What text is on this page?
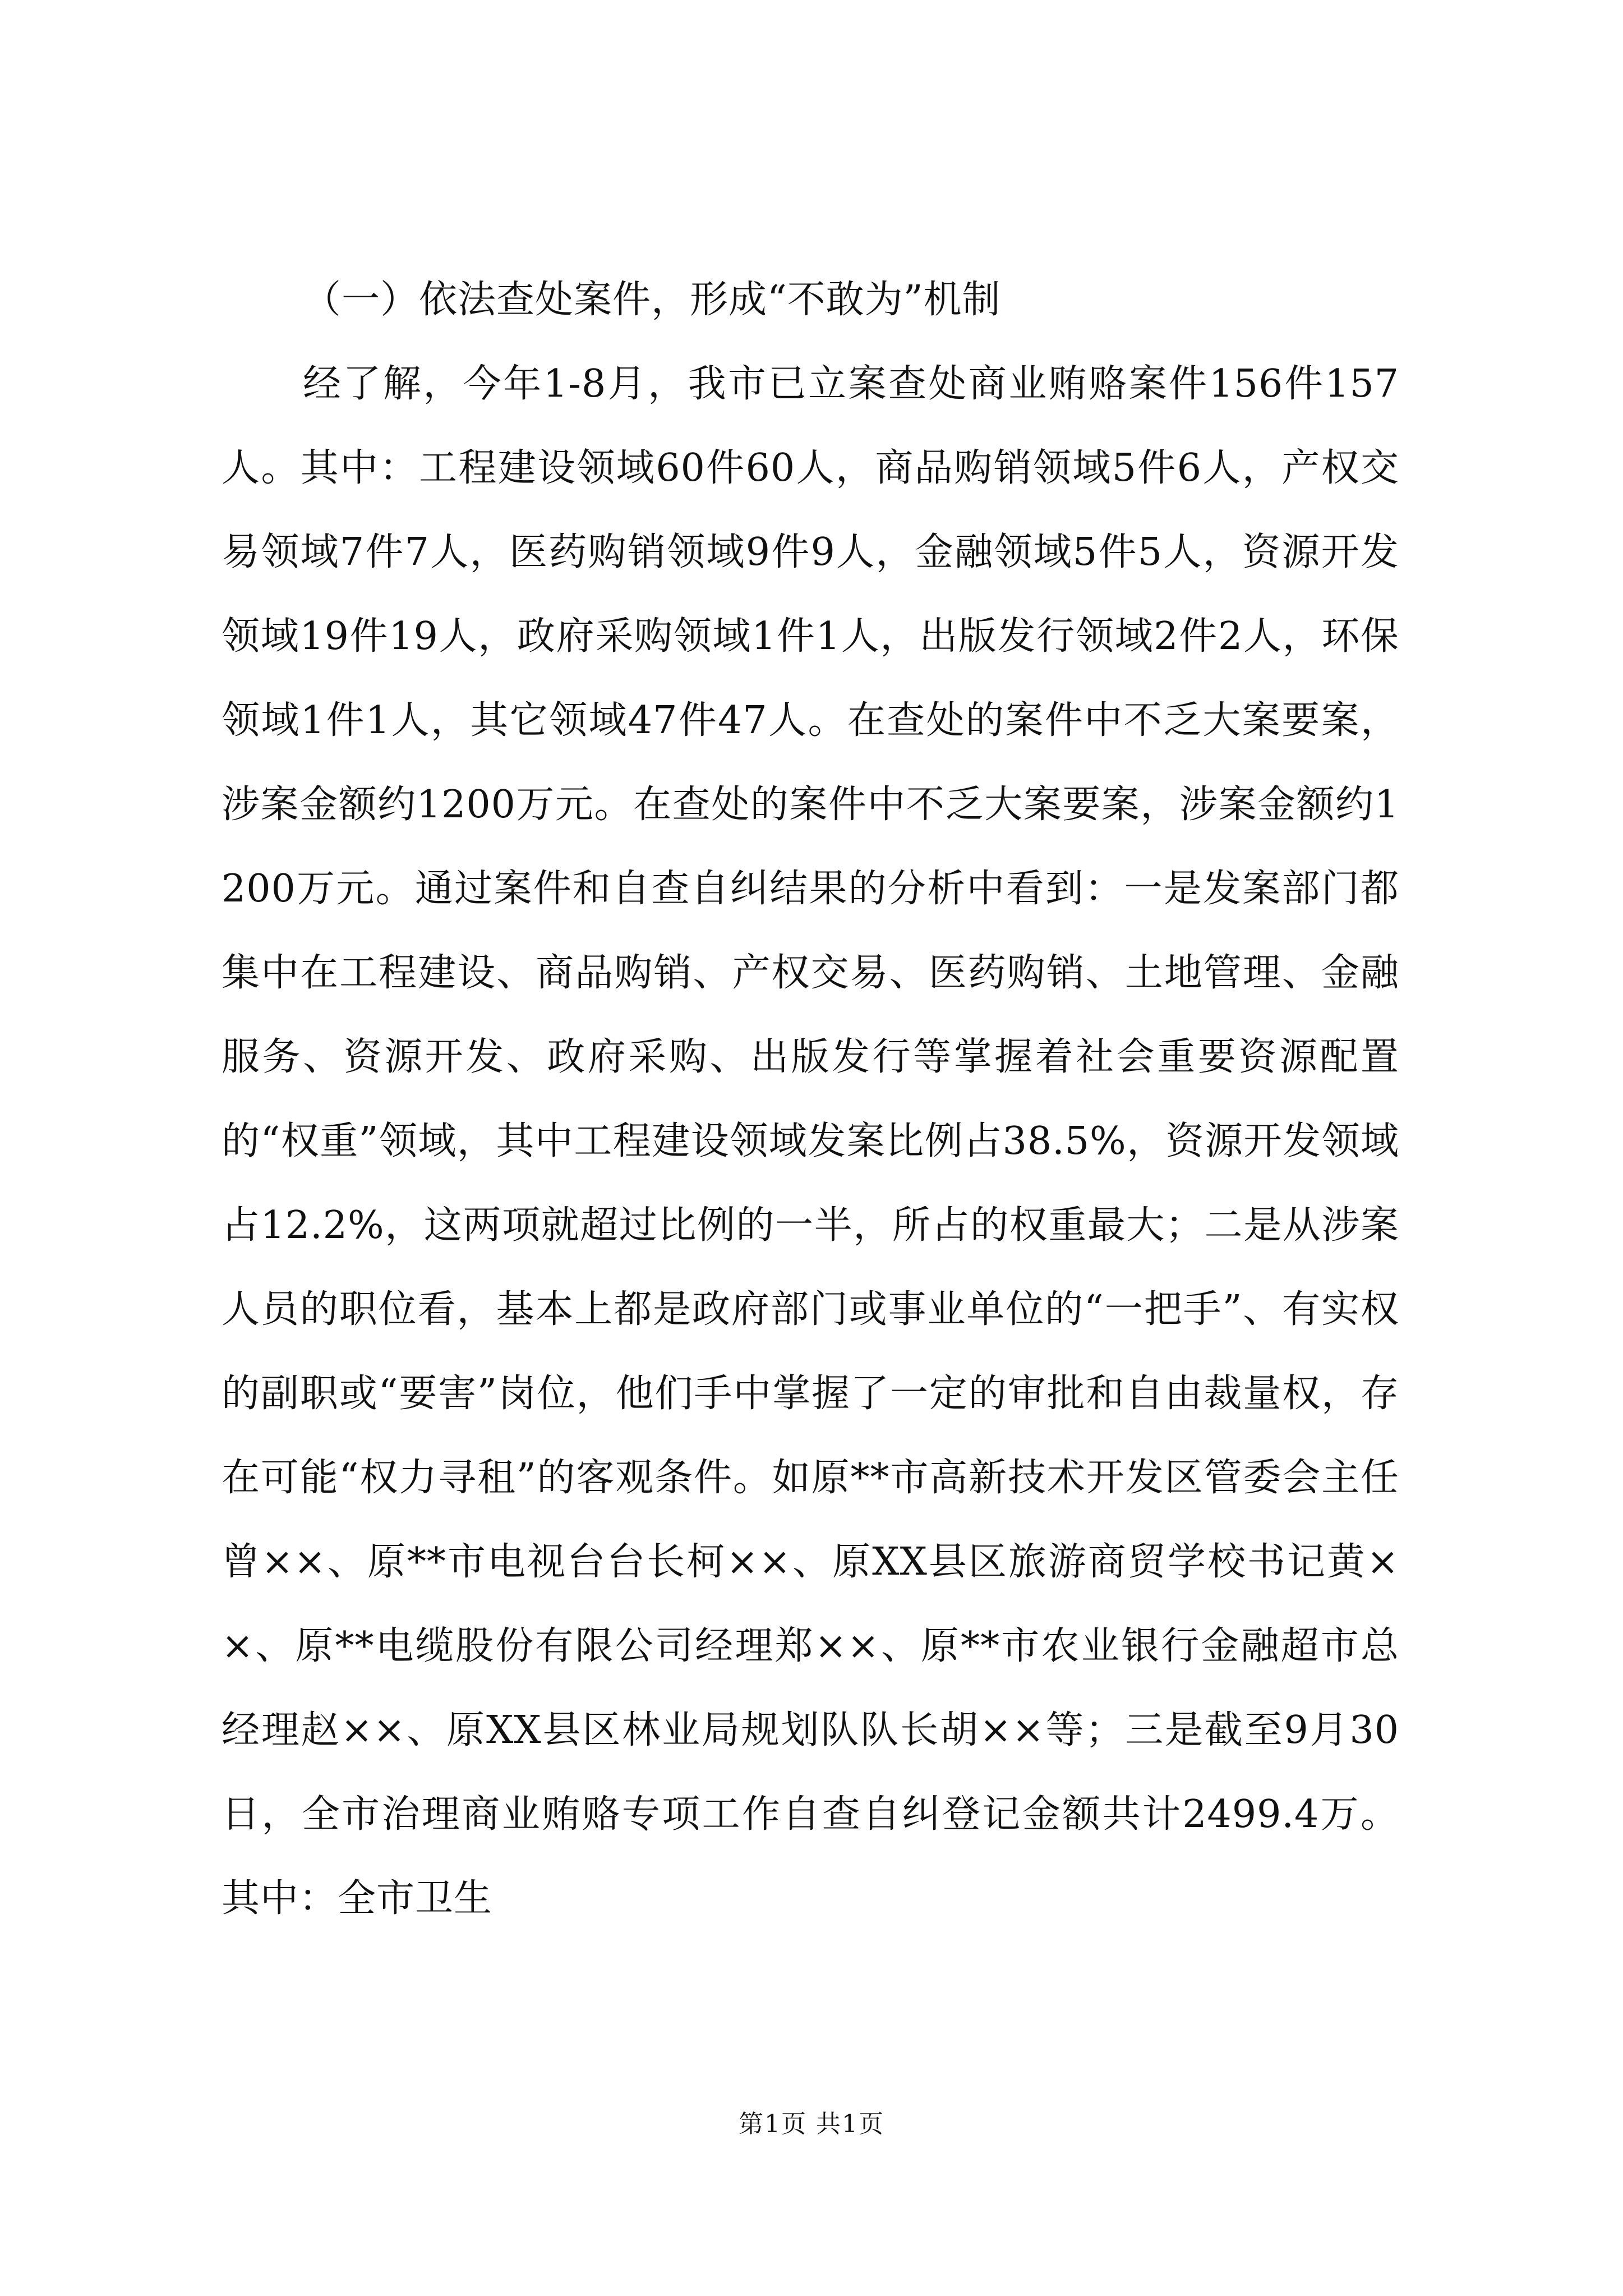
（一）依法查处案件，形成“不敢为”机制

经了解，今年1-8月，我市已立案查处商业贿赂案件156件157人。其中：工程建设领域60件60人，商品购销领域5件6人，产权交易领域7件7人，医药购销领域9件9人，金融领域5件5人，资源开发领域19件19人，政府采购领域1件1人，出版发行领域2件2人，环保领域1件1人，其它领域47件47人。在查处的案件中不乏大案要案，涉案金额约1200万元。在查处的案件中不乏大案要案，涉案金额约1200万元。通过案件和自查自纠结果的分析中看到：一是发案部门都集中在工程建设、商品购销、产权交易、医药购销、土地管理、金融服务、资源开发、政府采购、出版发行等掌握着社会重要资源配置的“权重”领域，其中工程建设领域发案比例占38.5%，资源开发领域占12.2%，这两项就超过比例的一半，所占的权重最大；二是从涉案人员的职位看，基本上都是政府部门或事业单位的“一把手”、有实权的副职或“要害”岗位，他们手中掌握了一定的审批和自由裁量权，存在可能“权力寻租”的客观条件。如原**市高新技术开发区管委会主任曾××、原**市电视台台长柯××、原XX县区旅游商贸学校书记黄××、原**电缆股份有限公司经理郑××、原**市农业银行金融超市总经理赵××、原XX县区林业局规划队队长胡××等；三是截至9月30日，全市治理商业贿赂专项工作自查自纠登记金额共计2499.4万。其中：全市卫生

第1页 共1页
